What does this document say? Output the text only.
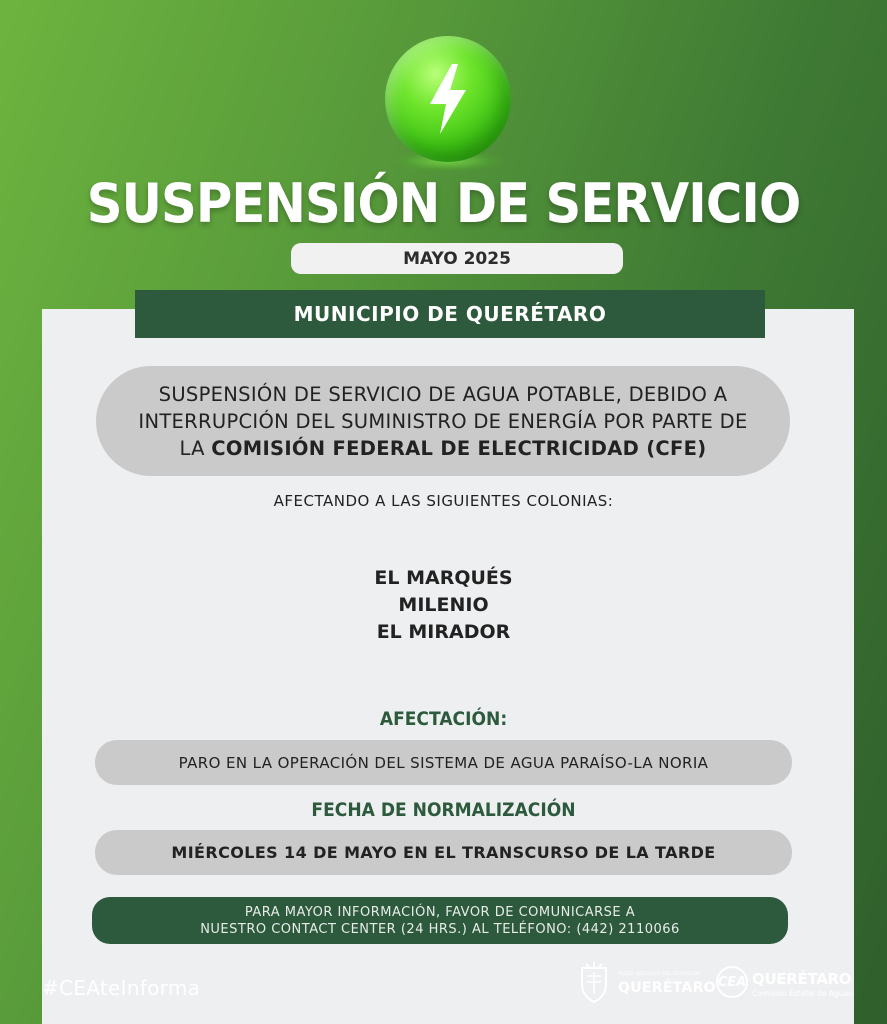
SUSPENSIÓN DE SERVICIO
MAYO 2025
MUNICIPIO DE QUERÉTARO
SUSPENSIÓN DE SERVICIO DE AGUA POTABLE, DEBIDO A INTERRUPCIÓN DEL SUMINISTRO DE ENERGÍA POR PARTE DE LA COMISIÓN FEDERAL DE ELECTRICIDAD (CFE)
AFECTANDO A LAS SIGUIENTES COLONIAS:
EL MARQUÉS
MILENIO
EL MIRADOR
AFECTACIÓN:
PARO EN LA OPERACIÓN DEL SISTEMA DE AGUA PARAÍSO-LA NORIA
FECHA DE NORMALIZACIÓN
MIÉRCOLES 14 DE MAYO EN EL TRANSCURSO DE LA TARDE
PARA MAYOR INFORMACIÓN, FAVOR DE COMUNICARSE A
NUESTRO CONTACT CENTER (24 HRS.) AL TELÉFONO: (442) 2110066
#CEAteInforma
PODER EJECUTIVO DEL ESTADO DE
QUERÉTARO CEA QUERÉTARO
Comisión Estatal de Aguas
